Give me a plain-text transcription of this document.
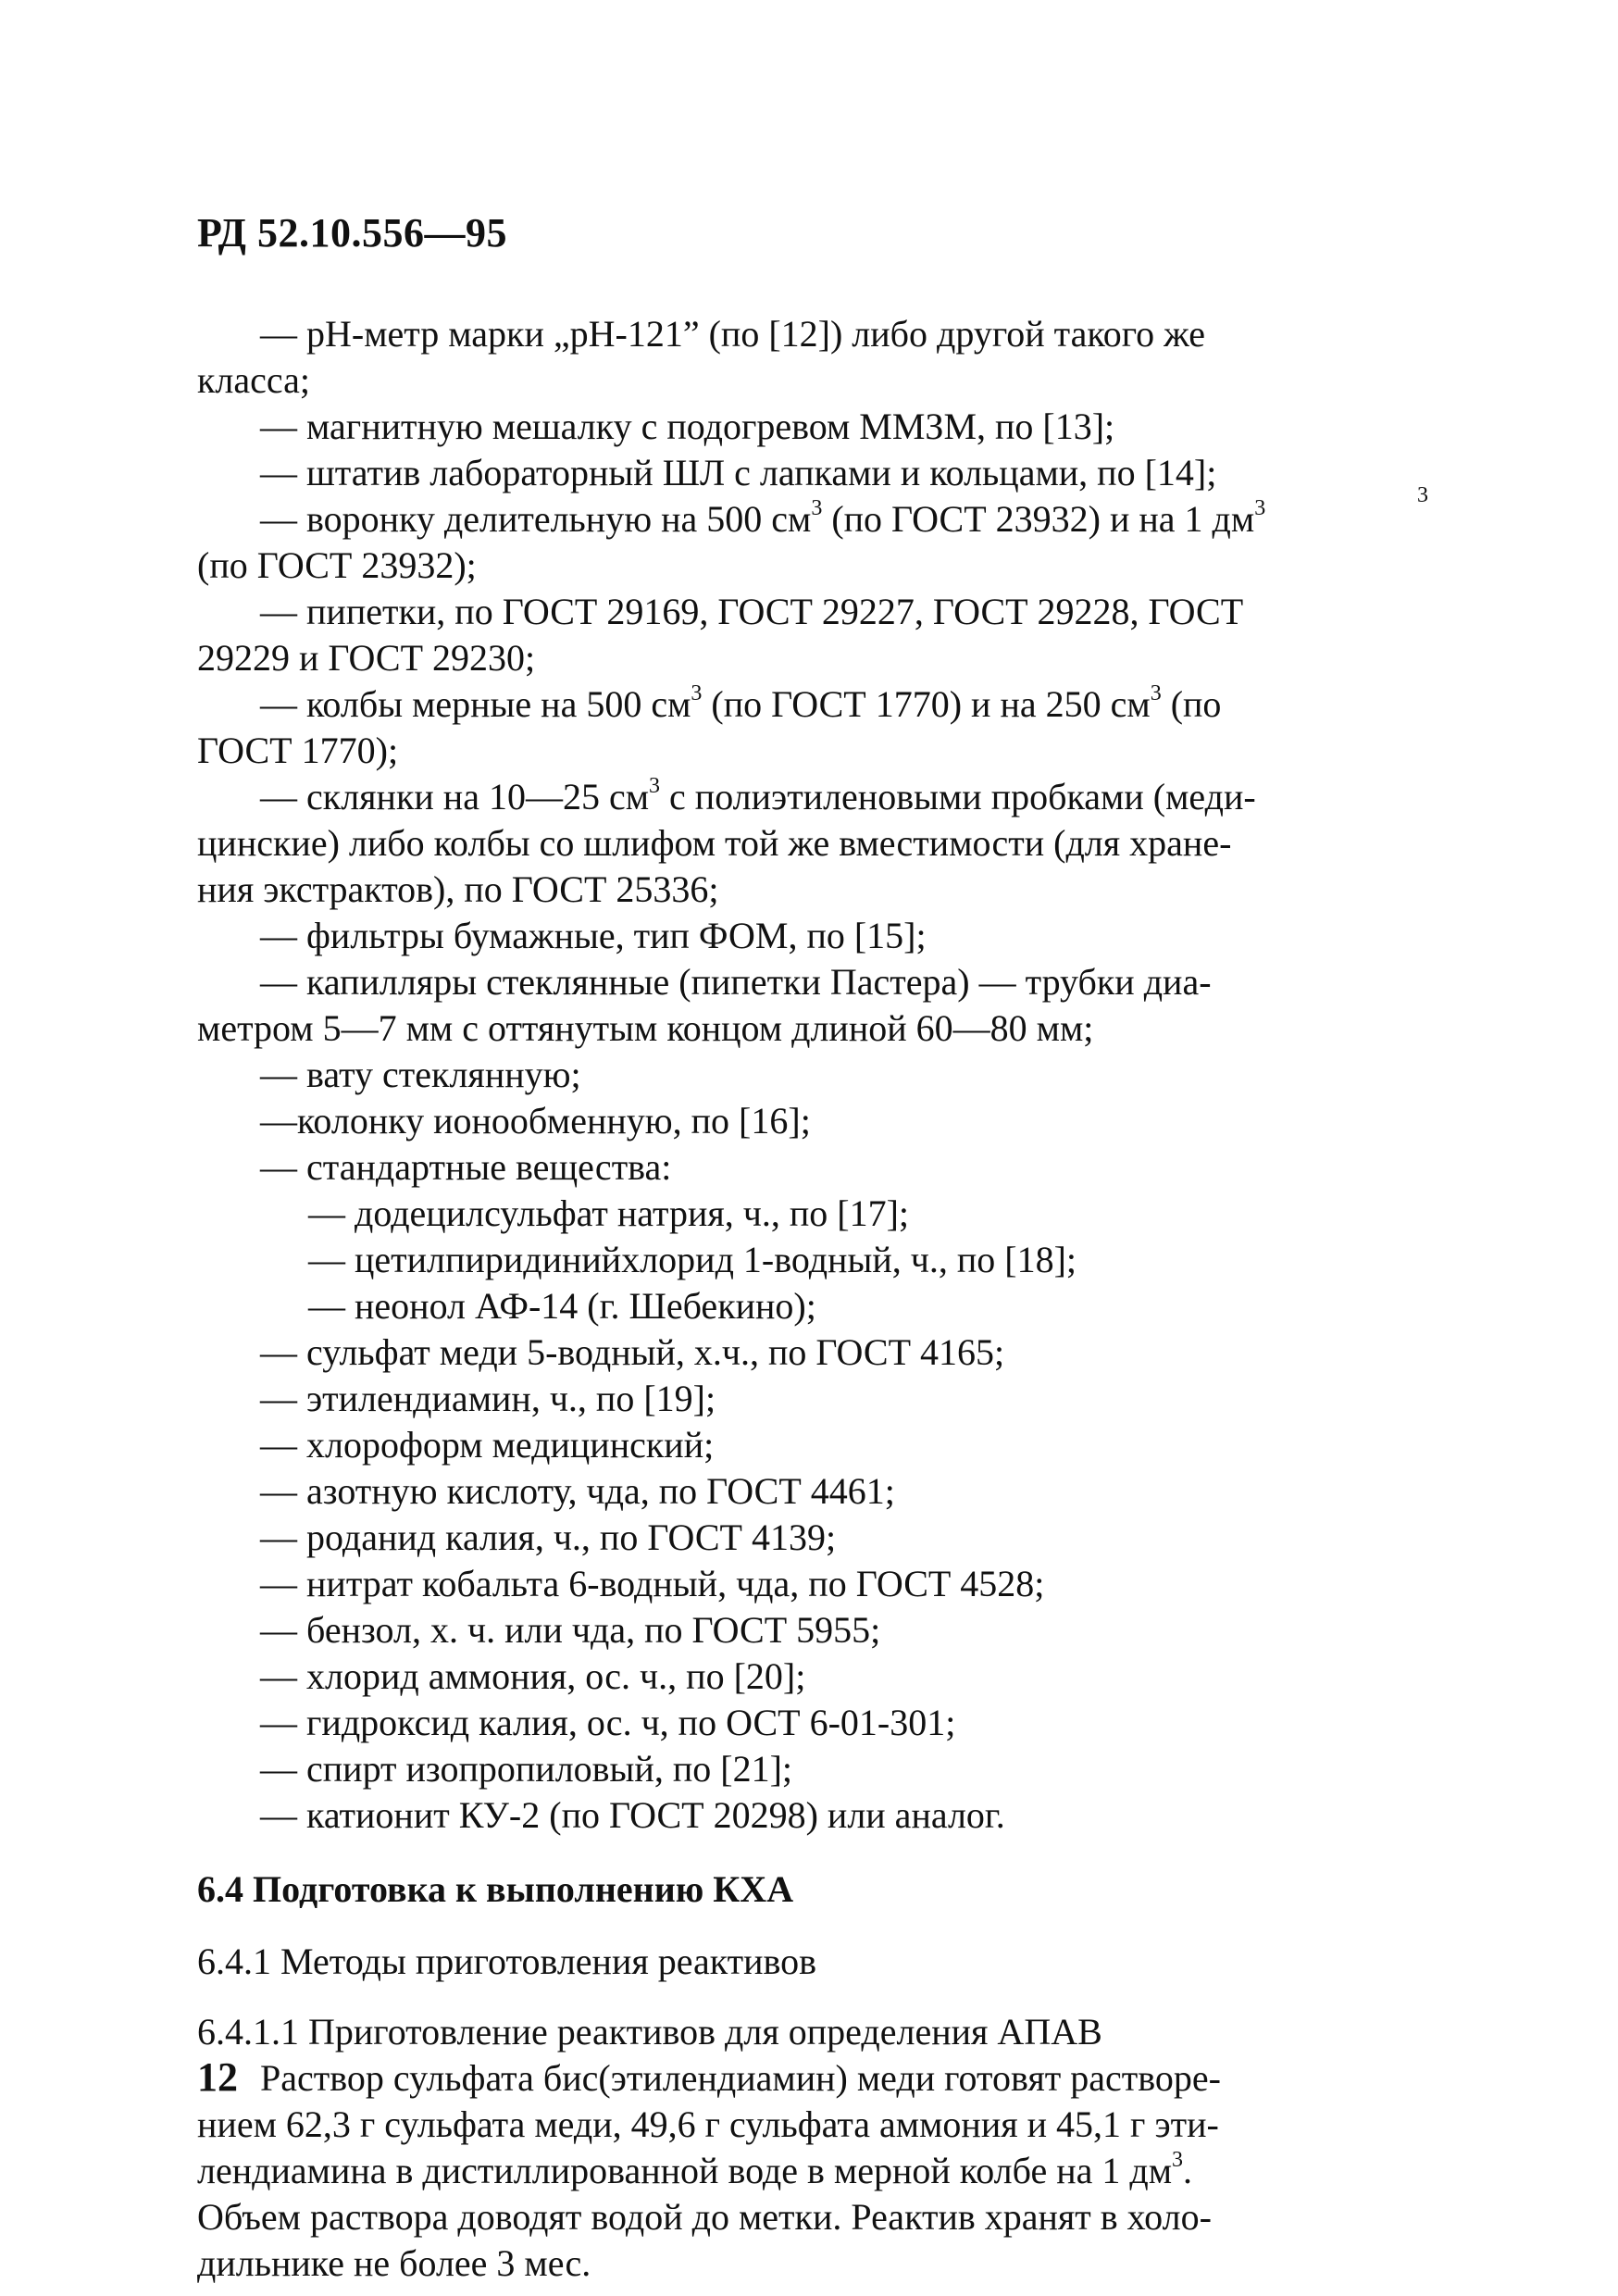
РД 52.10.556—95
— рН-метр марки „рН-121” (по [12]) либо другой такого же
класса;
— магнитную мешалку с подогревом ММЗМ, по [13];
— штатив лабораторный ШЛ с лапками и кольцами, по [14];
3
— воронку делительную на 500 $см^3$ (по ГОСТ 23932) и на 1 $дм^3$
(по ГОСТ 23932);
— пипетки, по ГОСТ 29169, ГОСТ 29227, ГОСТ 29228, ГОСТ
29229 и ГОСТ 29230;
— колбы мерные на 500 $см^3$ (по ГОСТ 1770) и на 250 $см^3$ (по
ГОСТ 1770);
— склянки на 10—25 $см^3$ с полиэтиленовыми пробками (меди-
цинские) либо колбы со шлифом той же вместимости (для хране-
ния экстрактов), по ГОСТ 25336;
— фильтры бумажные, тип ФОМ, по [15];
— капилляры стеклянные (пипетки Пастера) — трубки диа-
метром 5—7 мм с оттянутым концом длиной 60—80 мм;
— вату стеклянную;
—колонку ионообменную, по [16];
— стандартные вещества:
— додецилсульфат натрия, ч., по [17];
— цетилпиридинийхлорид 1-водный, ч., по [18];
— неонол АФ-14 (г. Шебекино);
— сульфат меди 5-водный, х.ч., по ГОСТ 4165;
— этилендиамин, ч., по [19];
— хлороформ медицинский;
— азотную кислоту, чда, по ГОСТ 4461;
— роданид калия, ч., по ГОСТ 4139;
— нитрат кобальта 6-водный, чда, по ГОСТ 4528;
— бензол, х. ч. или чда, по ГОСТ 5955;
— хлорид аммония, ос. ч., по [20];
— гидроксид калия, ос. ч, по ОСТ 6-01-301;
— спирт изопропиловый, по [21];
— катионит КУ-2 (по ГОСТ 20298) или аналог.
6.4 Подготовка к выполнению КХА
6.4.1 Методы приготовления реактивов
6.4.1.1 Приготовление реактивов для определения АПАВ
Раствор сульфата бис(этилендиамин) меди готовят растворе-
нием 62,3 г сульфата меди, 49,6 г сульфата аммония и 45,1 г эти-
лендиамина в дистиллированной воде в мерной колбе на 1 $дм^3$.
Объем раствора доводят водой до метки. Реактив хранят в холо-
дильнике не более 3 мес.
12
